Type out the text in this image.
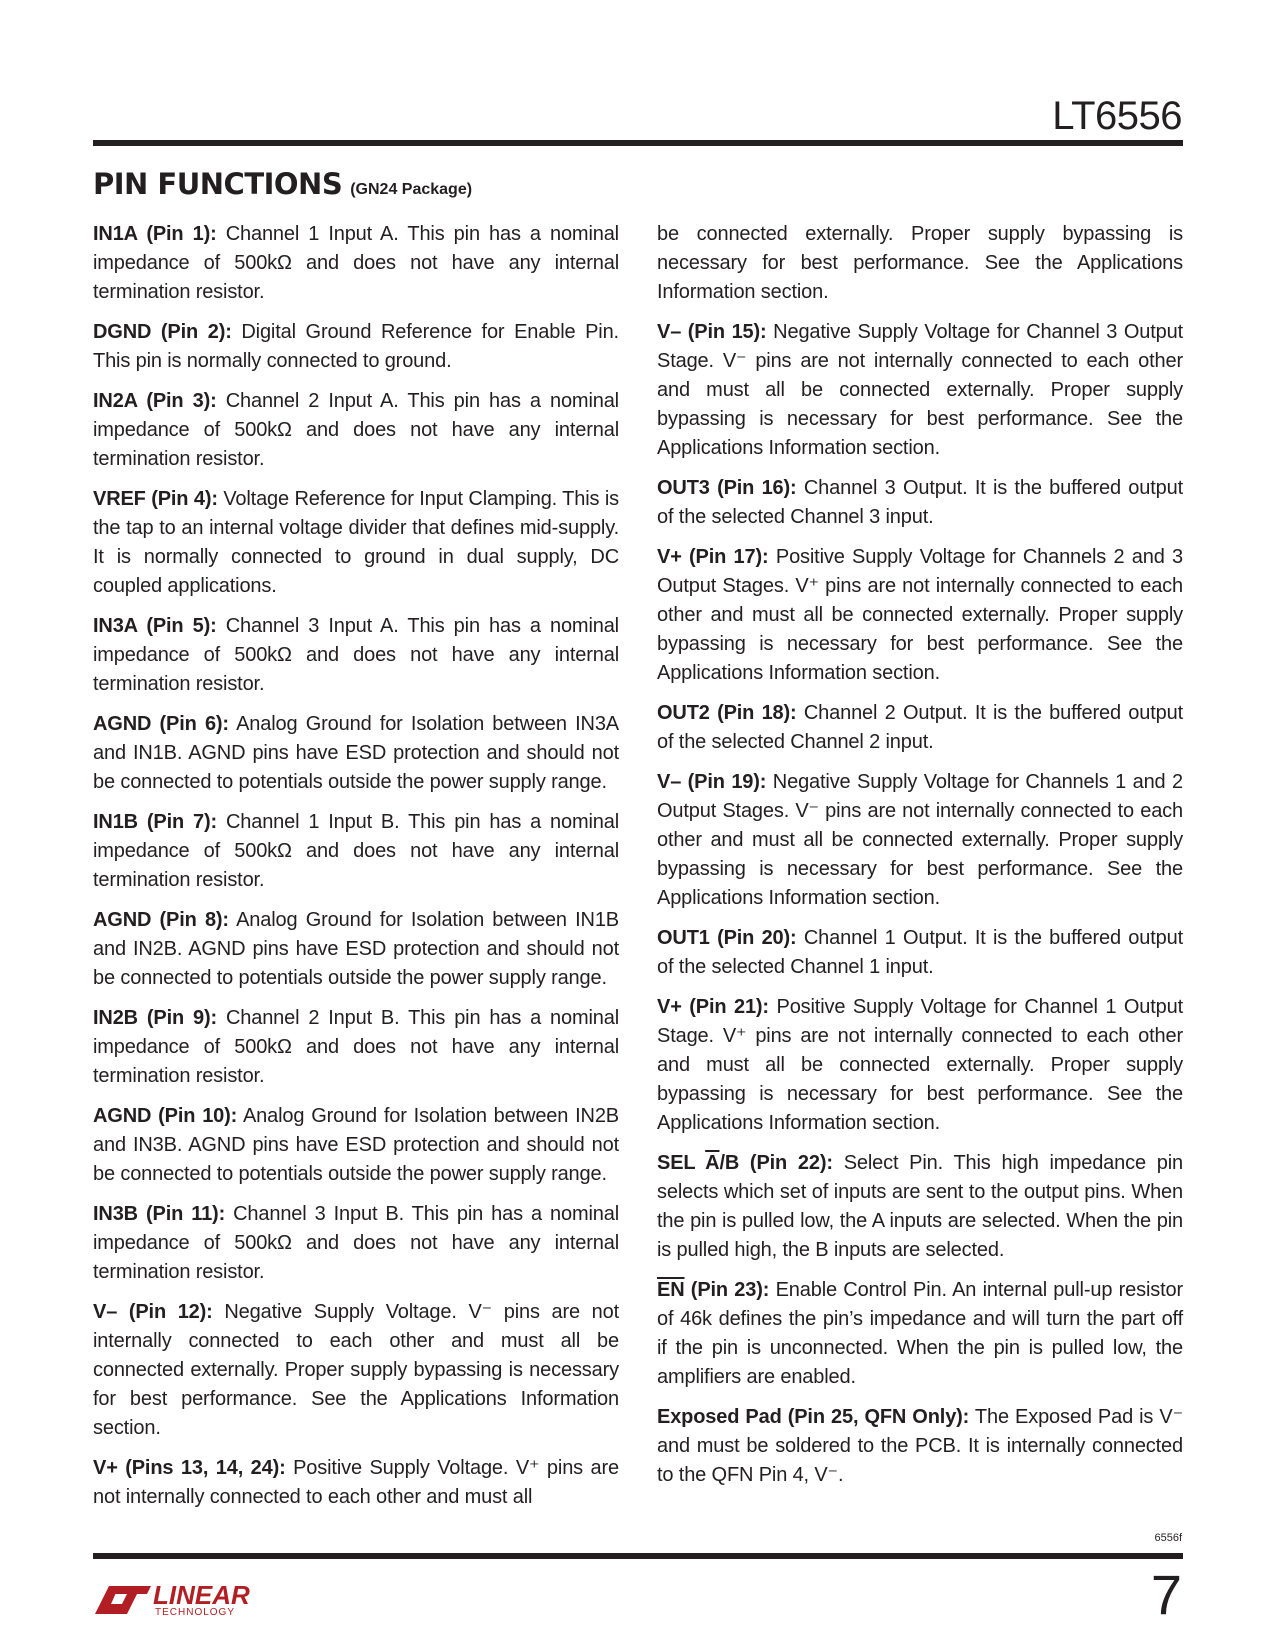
LT6556
PIN FUNCTIONS (GN24 Package)

IN1A (Pin 1): Channel 1 Input A. This pin has a nominal impedance of 500kΩ and does not have any internal termination resistor.

DGND (Pin 2): Digital Ground Reference for Enable Pin. This pin is normally connected to ground.

IN2A (Pin 3): Channel 2 Input A. This pin has a nominal impedance of 500kΩ and does not have any internal termination resistor.

VREF (Pin 4): Voltage Reference for Input Clamping. This is the tap to an internal voltage divider that defines mid-supply. It is normally connected to ground in dual supply, DC coupled applications.

IN3A (Pin 5): Channel 3 Input A. This pin has a nominal impedance of 500kΩ and does not have any internal termination resistor.

AGND (Pin 6): Analog Ground for Isolation between IN3A and IN1B. AGND pins have ESD protection and should not be connected to potentials outside the power supply range.

IN1B (Pin 7): Channel 1 Input B. This pin has a nominal impedance of 500kΩ and does not have any internal termination resistor.

AGND (Pin 8): Analog Ground for Isolation between IN1B and IN2B. AGND pins have ESD protection and should not be connected to potentials outside the power supply range.

IN2B (Pin 9): Channel 2 Input B. This pin has a nominal impedance of 500kΩ and does not have any internal termination resistor.

AGND (Pin 10): Analog Ground for Isolation between IN2B and IN3B. AGND pins have ESD protection and should not be connected to potentials outside the power supply range.

IN3B (Pin 11): Channel 3 Input B. This pin has a nominal impedance of 500kΩ and does not have any internal termination resistor.

V– (Pin 12): Negative Supply Voltage. V⁻ pins are not internally connected to each other and must all be connected externally. Proper supply bypassing is necessary for best performance. See the Applications Information section.

V+ (Pins 13, 14, 24): Positive Supply Voltage. V⁺ pins are not internally connected to each other and must all

be connected externally. Proper supply bypassing is necessary for best performance. See the Applications Information section.

V– (Pin 15): Negative Supply Voltage for Channel 3 Output Stage. V⁻ pins are not internally connected to each other and must all be connected externally. Proper supply bypassing is necessary for best performance. See the Applications Information section.

OUT3 (Pin 16): Channel 3 Output. It is the buffered output of the selected Channel 3 input.

V+ (Pin 17): Positive Supply Voltage for Channels 2 and 3 Output Stages. V⁺ pins are not internally connected to each other and must all be connected externally. Proper supply bypassing is necessary for best performance. See the Applications Information section.

OUT2 (Pin 18): Channel 2 Output. It is the buffered output of the selected Channel 2 input.

V– (Pin 19): Negative Supply Voltage for Channels 1 and 2 Output Stages. V⁻ pins are not internally connected to each other and must all be connected externally. Proper supply bypassing is necessary for best performance. See the Applications Information section.

OUT1 (Pin 20): Channel 1 Output. It is the buffered output of the selected Channel 1 input.

V+ (Pin 21): Positive Supply Voltage for Channel 1 Output Stage. V⁺ pins are not internally connected to each other and must all be connected externally. Proper supply bypassing is necessary for best performance. See the Applications Information section.

SEL $\overline{A}/B$ (Pin 22): Select Pin. This high impedance pin selects which set of inputs are sent to the output pins. When the pin is pulled low, the A inputs are selected. When the pin is pulled high, the B inputs are selected.

$\overline{EN}$ (Pin 23): Enable Control Pin. An internal pull-up resistor of 46k defines the pin’s impedance and will turn the part off if the pin is unconnected. When the pin is pulled low, the amplifiers are enabled.

Exposed Pad (Pin 25, QFN Only): The Exposed Pad is V⁻ and must be soldered to the PCB. It is internally connected to the QFN Pin 4, V⁻.

6556f
LINEAR
TECHNOLOGY	7
